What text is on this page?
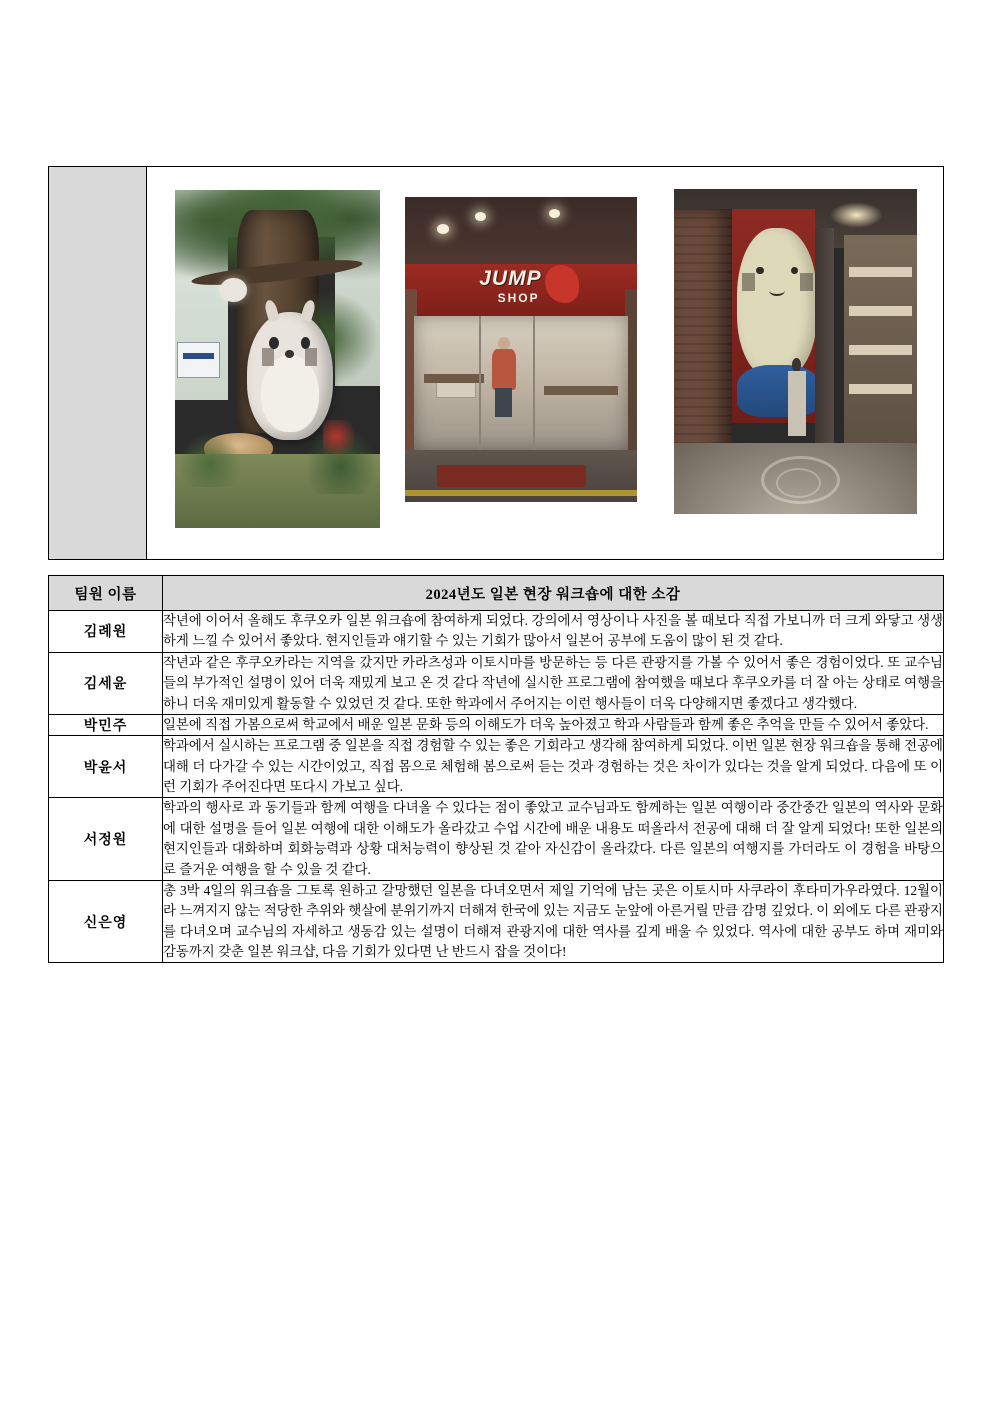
JUMP
SHOP
팀원 이름	2024년도 일본 현장 워크숍에 대한 소감
김례원	작년에 이어서 올해도 후쿠오카 일본 워크숍에 참여하게 되었다. 강의에서 영상이나 사진을 볼 때보다 직접 가보니까 더 크게 와닿고 생생하게 느낄 수 있어서 좋았다. 현지인들과 얘기할 수 있는 기회가 많아서 일본어 공부에 도움이 많이 된 것 같다.
김세윤	작년과 같은 후쿠오카라는 지역을 갔지만 카라츠성과 이토시마를 방문하는 등 다른 관광지를 가볼 수 있어서 좋은 경험이었다. 또 교수님들의 부가적인 설명이 있어 더욱 재밌게 보고 온 것 같다 작년에 실시한 프로그램에 참여했을 때보다 후쿠오카를 더 잘 아는 상태로 여행을 하니 더욱 재미있게 활동할 수 있었던 것 같다. 또한 학과에서 주어지는 이런 행사들이 더욱 다양해지면 좋겠다고 생각했다.
박민주	일본에 직접 가봄으로써 학교에서 배운 일본 문화 등의 이해도가 더욱 높아졌고 학과 사람들과 함께 좋은 추억을 만들 수 있어서 좋았다.
박윤서	학과에서 실시하는 프로그램 중 일본을 직접 경험할 수 있는 좋은 기회라고 생각해 참여하게 되었다. 이번 일본 현장 워크숍을 통해 전공에 대해 더 다가갈 수 있는 시간이었고, 직접 몸으로 체험해 봄으로써 듣는 것과 경험하는 것은 차이가 있다는 것을 알게 되었다. 다음에 또 이런 기회가 주어진다면 또다시 가보고 싶다.
서정원	학과의 행사로 과 동기들과 함께 여행을 다녀올 수 있다는 점이 좋았고 교수님과도 함께하는 일본 여행이라 중간중간 일본의 역사와 문화에 대한 설명을 들어 일본 여행에 대한 이해도가 올라갔고 수업 시간에 배운 내용도 떠올라서 전공에 대해 더 잘 알게 되었다! 또한 일본의 현지인들과 대화하며 회화능력과 상황 대처능력이 향상된 것 같아 자신감이 올라갔다. 다른 일본의 여행지를 가더라도 이 경험을 바탕으로 즐거운 여행을 할 수 있을 것 같다.
신은영	총 3박 4일의 워크숍을 그토록 원하고 갈망했던 일본을 다녀오면서 제일 기억에 남는 곳은 이토시마 사쿠라이 후타미가우라였다. 12월이라 느껴지지 않는 적당한 추위와 햇살에 분위기까지 더해져 한국에 있는 지금도 눈앞에 아른거릴 만큼 감명 깊었다. 이 외에도 다른 관광지를 다녀오며 교수님의 자세하고 생동감 있는 설명이 더해져 관광지에 대한 역사를 깊게 배울 수 있었다. 역사에 대한 공부도 하며 재미와 감동까지 갖춘 일본 워크샵, 다음 기회가 있다면 난 반드시 잡을 것이다!
